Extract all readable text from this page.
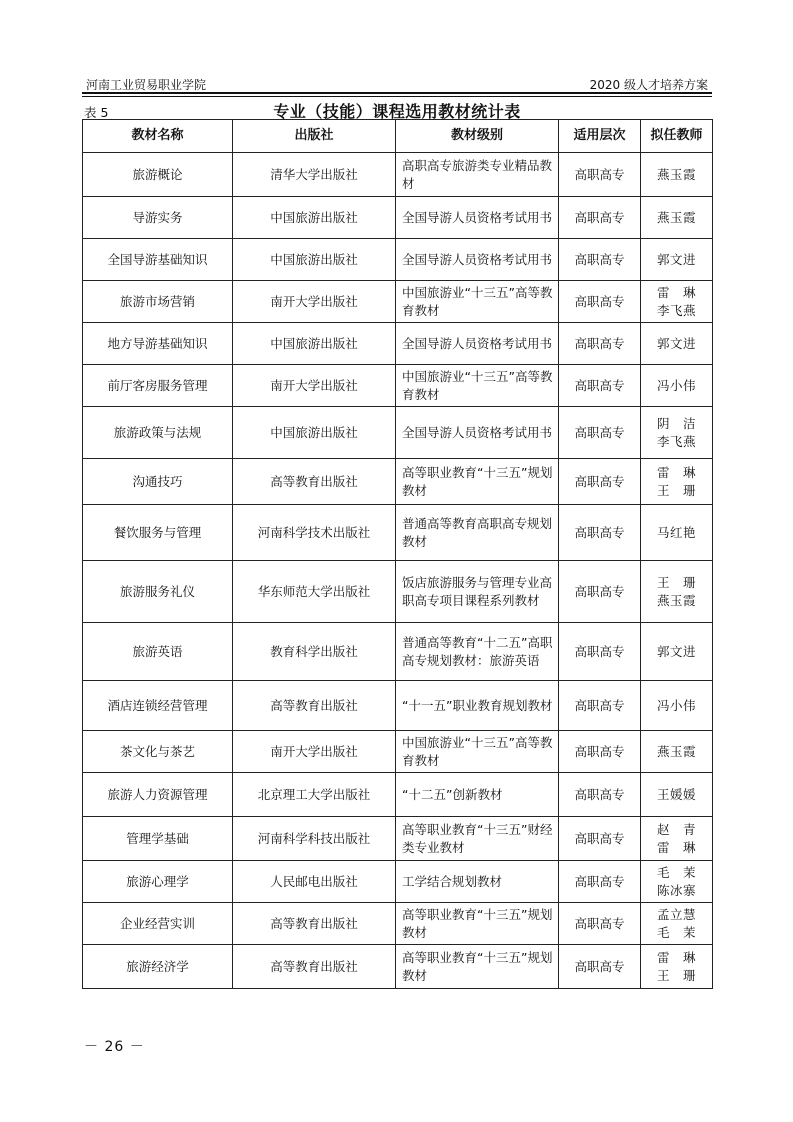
河南工业贸易职业学院	2020 级人才培养方案
表 5	专业（技能）课程选用教材统计表
教材名称	出版社	教材级别	适用层次	拟任教师
旅游概论	清华大学出版社	高职高专旅游类专业精品教材	高职高专	燕玉霞

导游实务	中国旅游出版社	全国导游人员资格考试用书	高职高专	燕玉霞

全国导游基础知识	中国旅游出版社	全国导游人员资格考试用书	高职高专	郭文进

旅游市场营销	南开大学出版社	中国旅游业“十三五”高等教育教材	高职高专	雷　琳
李飞燕

地方导游基础知识	中国旅游出版社	全国导游人员资格考试用书	高职高专	郭文进

前厅客房服务管理	南开大学出版社	中国旅游业“十三五”高等教育教材	高职高专	冯小伟

旅游政策与法规	中国旅游出版社	全国导游人员资格考试用书	高职高专	阴　洁
李飞燕

沟通技巧	高等教育出版社	高等职业教育“十三五”规划教材	高职高专	雷　琳
王　珊

餐饮服务与管理	河南科学技术出版社	普通高等教育高职高专规划教材	高职高专	马红艳

旅游服务礼仪	华东师范大学出版社	饭店旅游服务与管理专业高职高专项目课程系列教材	高职高专	王　珊
燕玉霞

旅游英语	教育科学出版社	普通高等教育“十二五”高职高专规划教材：旅游英语	高职高专	郭文进

酒店连锁经营管理	高等教育出版社	“十一五”职业教育规划教材	高职高专	冯小伟

茶文化与茶艺	南开大学出版社	中国旅游业“十三五”高等教育教材	高职高专	燕玉霞

旅游人力资源管理	北京理工大学出版社	“十二五”创新教材	高职高专	王媛媛

管理学基础	河南科学科技出版社	高等职业教育“十三五”财经类专业教材	高职高专	赵　青
雷　琳

旅游心理学	人民邮电出版社	工学结合规划教材	高职高专	毛　茉
陈冰寨

企业经营实训	高等教育出版社	高等职业教育“十三五”规划教材	高职高专	孟立慧
毛　茉

旅游经济学	高等教育出版社	高等职业教育“十三五”规划教材	高职高专	雷　琳
王　珊
－ 26 －
